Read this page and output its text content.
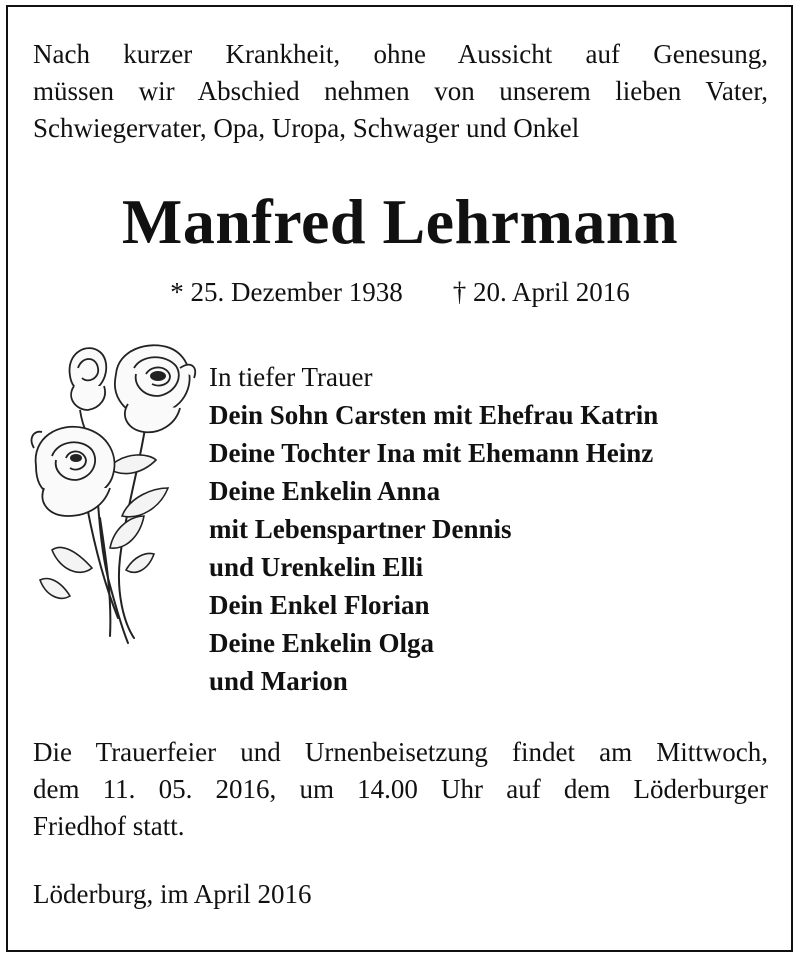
Nach kurzer Krankheit, ohne Aussicht auf Genesung,
müssen wir Abschied nehmen von unserem lieben Vater,
Schwiegervater, Opa, Uropa, Schwager und Onkel
Manfred Lehrmann
* 25. Dezember 1938 † 20. April 2016
In tiefer Trauer
Dein Sohn Carsten mit Ehefrau Katrin
Deine Tochter Ina mit Ehemann Heinz
Deine Enkelin Anna
mit Lebenspartner Dennis
und Urenkelin Elli
Dein Enkel Florian
Deine Enkelin Olga
und Marion
Die Trauerfeier und Urnenbeisetzung findet am Mittwoch,
dem 11. 05. 2016, um 14.00 Uhr auf dem Löderburger
Friedhof statt.
Löderburg, im April 2016
